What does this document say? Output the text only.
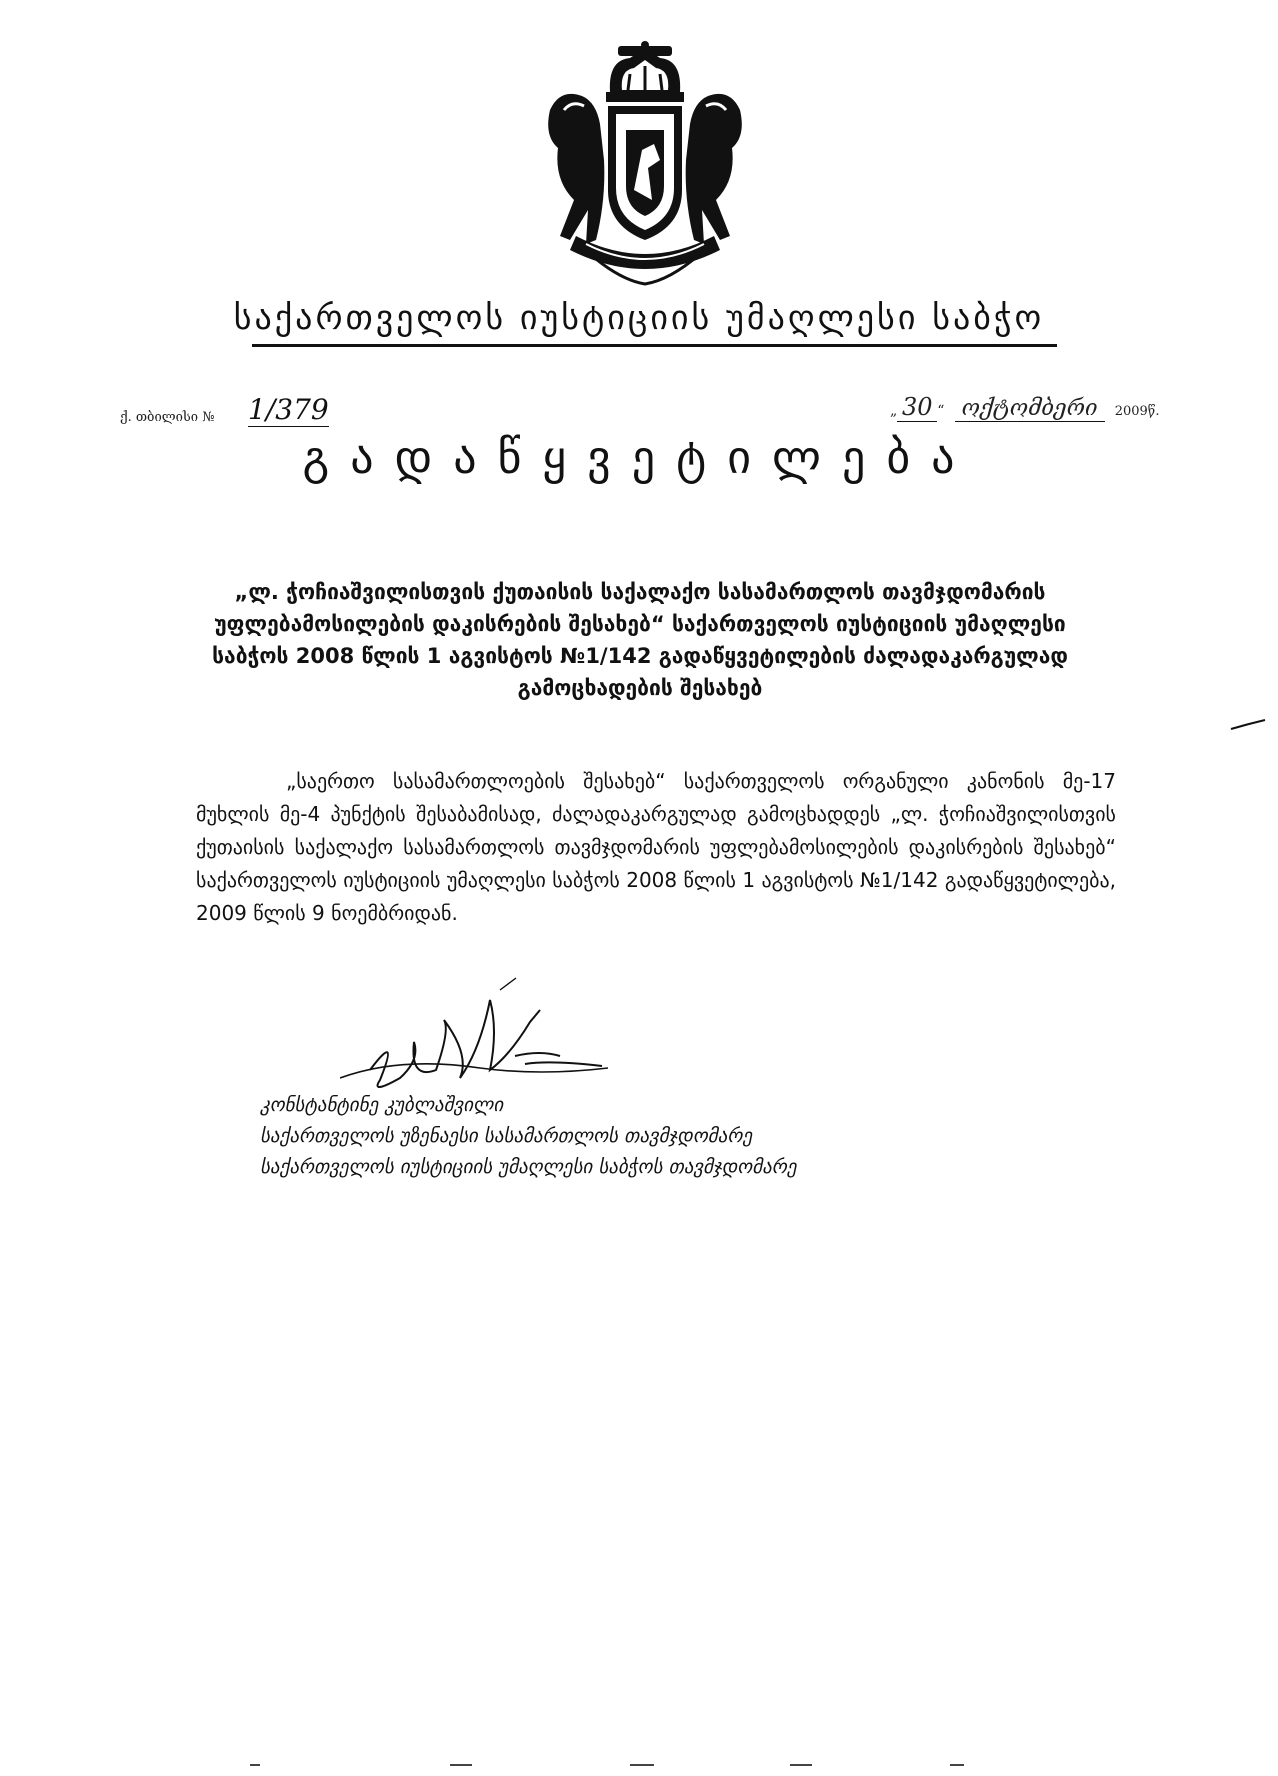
საქართველოს იუსტიციის უმაღლესი საბჭო
ქ. თბილისი № 1/379	„ 30 “ ოქტომბერი 2009წ.
გადაწყვეტილება
„ლ. ჭოჩიაშვილისთვის ქუთაისის საქალაქო სასამართლოს თავმჯდომარის უფლებამოსილების დაკისრების შესახებ“ საქართველოს იუსტიციის უმაღლესი საბჭოს 2008 წლის 1 აგვისტოს №1/142 გადაწყვეტილების ძალადაკარგულად გამოცხადების შესახებ
„საერთო სასამართლოების შესახებ“ საქართველოს ორგანული კანონის მე-17 მუხლის მე-4 პუნქტის შესაბამისად, ძალადაკარგულად გამოცხადდეს „ლ. ჭოჩიაშვილისთვის ქუთაისის საქალაქო სასამართლოს თავმჯდომარის უფლებამოსილების დაკისრების შესახებ“ საქართველოს იუსტიციის უმაღლესი საბჭოს 2008 წლის 1 აგვისტოს №1/142 გადაწყვეტილება, 2009 წლის 9 ნოემბრიდან.
კონსტანტინე კუბლაშვილი
საქართველოს უზენაესი სასამართლოს თავმჯდომარე
საქართველოს იუსტიციის უმაღლესი საბჭოს თავმჯდომარე
